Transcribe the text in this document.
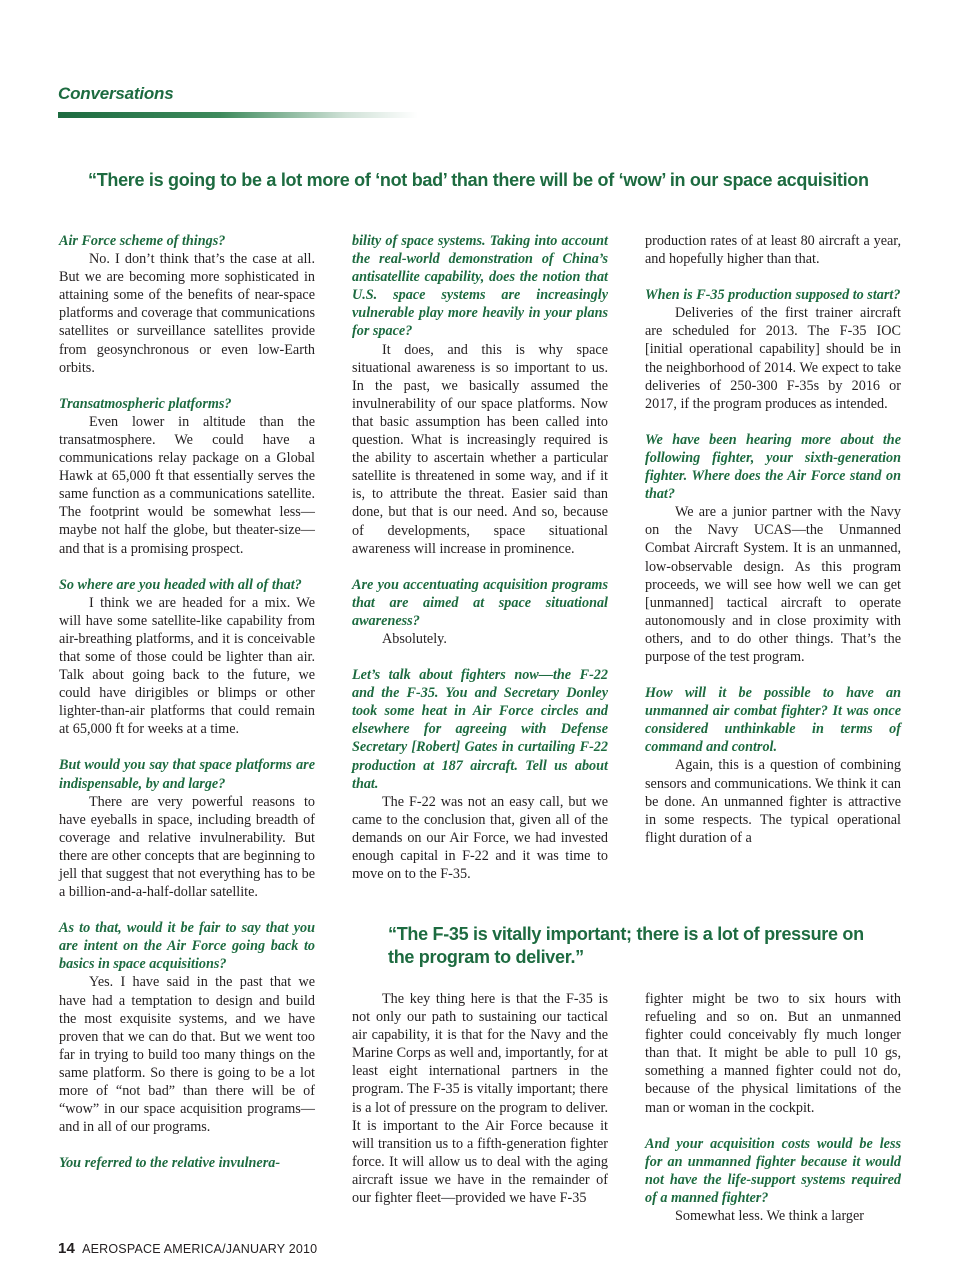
Conversations

“There is going to be a lot more of ‘not bad’ than there will be of ‘wow’ in our space acquisition

Air Force scheme of things?

No. I don’t think that’s the case at all. But we are becoming more sophisticated in attaining some of the benefits of near-space platforms and coverage that communications satellites or surveillance satellites provide from geosynchronous or even low-Earth orbits.

Transatmospheric platforms?

Even lower in altitude than the transatmosphere. We could have a communications relay package on a Global Hawk at 65,000 ft that essentially serves the same function as a communications satellite. The footprint would be somewhat less—maybe not half the globe, but theater-size—and that is a promising prospect.

So where are you headed with all of that?

I think we are headed for a mix. We will have some satellite-like capability from air-breathing platforms, and it is conceivable that some of those could be lighter than air. Talk about going back to the future, we could have dirigibles or blimps or other lighter-than-air platforms that could remain at 65,000 ft for weeks at a time.

But would you say that space platforms are indispensable, by and large?

There are very powerful reasons to have eyeballs in space, including breadth of coverage and relative invulnerability. But there are other concepts that are beginning to jell that suggest that not everything has to be a billion-and-a-half-dollar satellite.

As to that, would it be fair to say that you are intent on the Air Force going back to basics in space acquisitions?

Yes. I have said in the past that we have had a temptation to design and build the most exquisite systems, and we have proven that we can do that. But we went too far in trying to build too many things on the same platform. So there is going to be a lot more of “not bad” than there will be of “wow” in our space acquisition programs—and in all of our programs.

You referred to the relative invulnera-

bility of space systems. Taking into account the real-world demonstration of China’s antisatellite capability, does the notion that U.S. space systems are increasingly vulnerable play more heavily in your plans for space?

It does, and this is why space situational awareness is so important to us. In the past, we basically assumed the invulnerability of our space platforms. Now that basic assumption has been called into question. What is increasingly required is the ability to ascertain whether a particular satellite is threatened in some way, and if it is, to attribute the threat. Easier said than done, but that is our need. And so, because of developments, space situational awareness will increase in prominence.

Are you accentuating acquisition programs that are aimed at space situational awareness?

Absolutely.

Let’s talk about fighters now—the F-22 and the F-35. You and Secretary Donley took some heat in Air Force circles and elsewhere for agreeing with Defense Secretary [Robert] Gates in curtailing F-22 production at 187 aircraft. Tell us about that.

The F-22 was not an easy call, but we came to the conclusion that, given all of the demands on our Air Force, we had invested enough capital in F-22 and it was time to move on to the F-35.

production rates of at least 80 aircraft a year, and hopefully higher than that.

When is F-35 production supposed to start?

Deliveries of the first trainer aircraft are scheduled for 2013. The F-35 IOC [initial operational capability] should be in the neighborhood of 2014. We expect to take deliveries of 250-300 F-35s by 2016 or 2017, if the program produces as intended.

We have been hearing more about the following fighter, your sixth-generation fighter. Where does the Air Force stand on that?

We are a junior partner with the Navy on the Navy UCAS—the Unmanned Combat Aircraft System. It is an unmanned, low-observable design. As this program proceeds, we will see how well we can get [unmanned] tactical aircraft to operate autonomously and in close proximity with others, and to do other things. That’s the purpose of the test program.

How will it be possible to have an unmanned air combat fighter? It was once considered unthinkable in terms of command and control.

Again, this is a question of combining sensors and communications. We think it can be done. An unmanned fighter is attractive in some respects. The typical operational flight duration of a

“The F-35 is vitally important; there is a lot of pressure on the program to deliver.”

The key thing here is that the F-35 is not only our path to sustaining our tactical air capability, it is that for the Navy and the Marine Corps as well and, importantly, for at least eight international partners in the program. The F-35 is vitally important; there is a lot of pressure on the program to deliver. It is important to the Air Force because it will transition us to a fifth-generation fighter force. It will allow us to deal with the aging aircraft issue we have in the remainder of our fighter fleet—provided we have F-35

fighter might be two to six hours with refueling and so on. But an unmanned fighter could conceivably fly much longer than that. It might be able to pull 10 gs, something a manned fighter could not do, because of the physical limitations of the man or woman in the cockpit.

And your acquisition costs would be less for an unmanned fighter because it would not have the life-support systems required of a manned fighter?

Somewhat less. We think a larger

14 AEROSPACE AMERICA/JANUARY 2010
